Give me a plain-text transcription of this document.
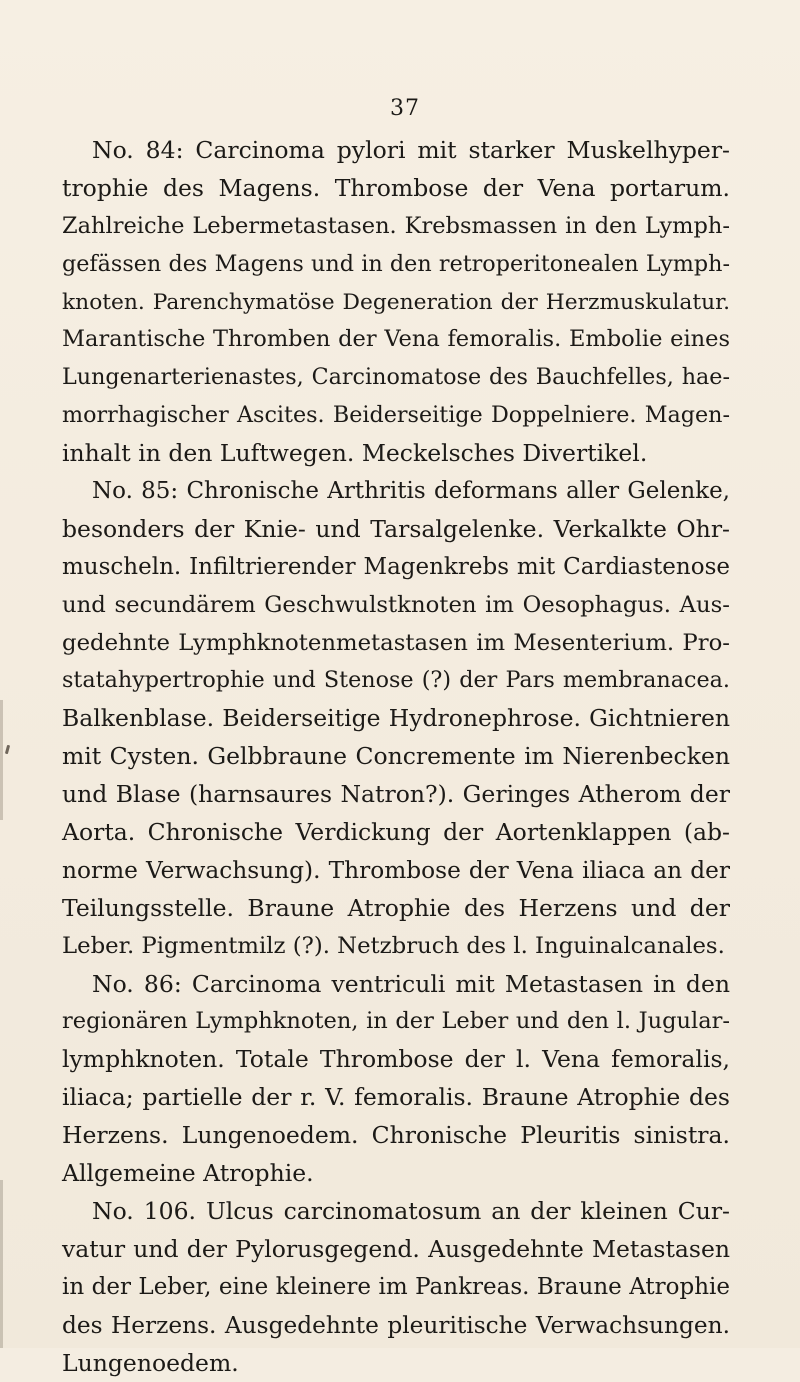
37
No. 84: Carcinoma pylori mit starker Muskelhyper-
trophie des Magens. Thrombose der Vena portarum.
Zahlreiche Lebermetastasen. Krebsmassen in den Lymph-
gefässen des Magens und in den retroperitonealen Lymph-
knoten. Parenchymatöse Degeneration der Herzmuskulatur.
Marantische Thromben der Vena femoralis. Embolie eines
Lungenarterienastes, Carcinomatose des Bauchfelles, hae-
morrhagischer Ascites. Beiderseitige Doppelniere. Magen-
inhalt in den Luftwegen. Meckelsches Divertikel.
No. 85: Chronische Arthritis deformans aller Gelenke,
besonders der Knie- und Tarsalgelenke. Verkalkte Ohr-
muscheln. Infiltrierender Magenkrebs mit Cardiastenose
und secundärem Geschwulstknoten im Oesophagus. Aus-
gedehnte Lymphknotenmetastasen im Mesenterium. Pro-
statahypertrophie und Stenose (?) der Pars membranacea.
Balkenblase. Beiderseitige Hydronephrose. Gichtnieren
mit Cysten. Gelbbraune Concremente im Nierenbecken
und Blase (harnsaures Natron?). Geringes Atherom der
Aorta. Chronische Verdickung der Aortenklappen (ab-
norme Verwachsung). Thrombose der Vena iliaca an der
Teilungsstelle. Braune Atrophie des Herzens und der
Leber. Pigmentmilz (?). Netzbruch des l. Inguinalcanales.
No. 86: Carcinoma ventriculi mit Metastasen in den
regionären Lymphknoten, in der Leber und den l. Jugular-
lymphknoten. Totale Thrombose der l. Vena femoralis,
iliaca; partielle der r. V. femoralis. Braune Atrophie des
Herzens. Lungenoedem. Chronische Pleuritis sinistra.
Allgemeine Atrophie.
No. 106. Ulcus carcinomatosum an der kleinen Cur-
vatur und der Pylorusgegend. Ausgedehnte Metastasen
in der Leber, eine kleinere im Pankreas. Braune Atrophie
des Herzens. Ausgedehnte pleuritische Verwachsungen.
Lungenoedem.
